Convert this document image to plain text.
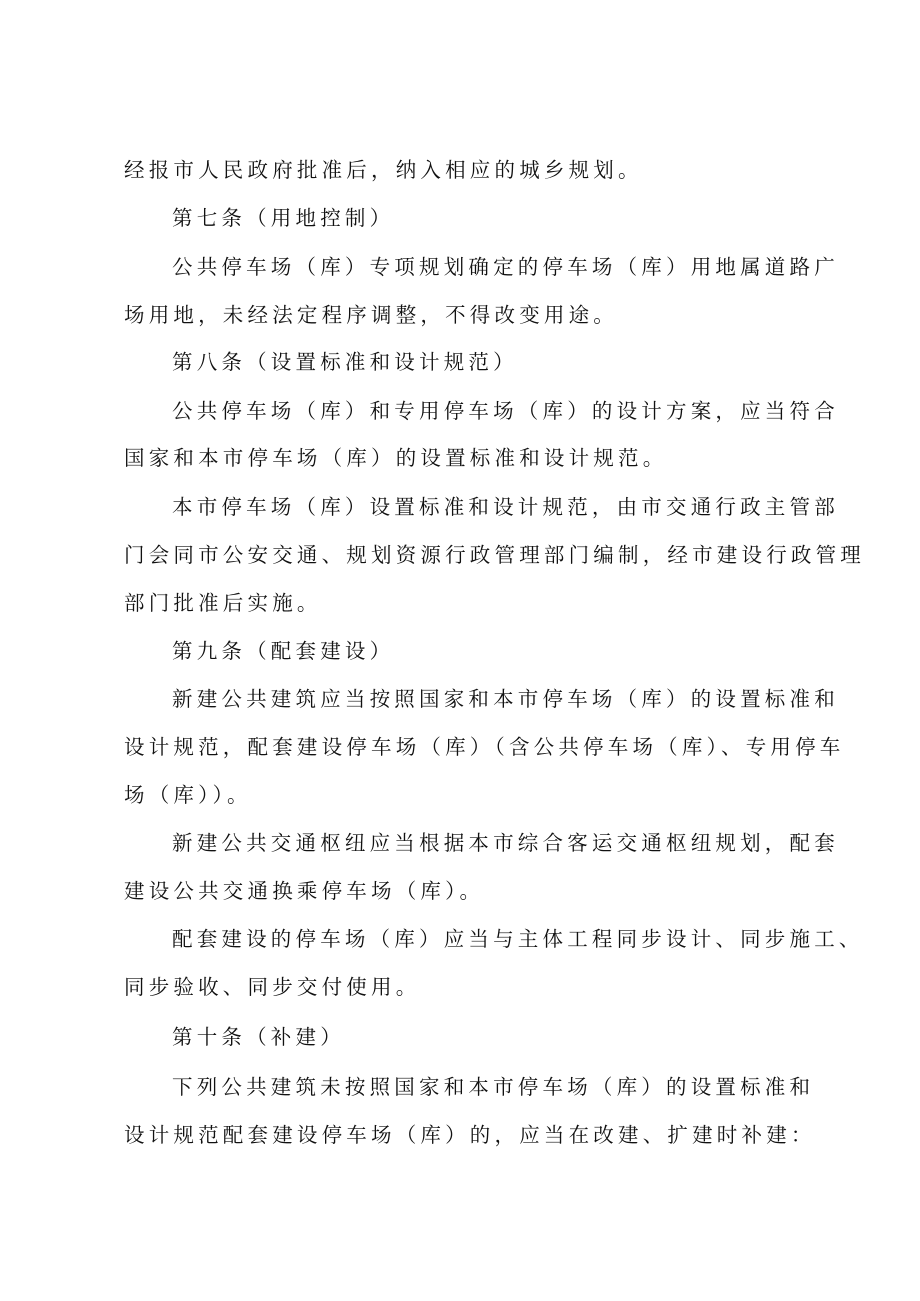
经报市人民政府批准后，纳入相应的城乡规划。
第七条（用地控制）
公共停车场（库）专项规划确定的停车场（库）用地属道路广
场用地，未经法定程序调整，不得改变用途。
第八条（设置标准和设计规范）
公共停车场（库）和专用停车场（库）的设计方案，应当符合
国家和本市停车场（库）的设置标准和设计规范。
本市停车场（库）设置标准和设计规范，由市交通行政主管部
门会同市公安交通、规划资源行政管理部门编制，经市建设行政管理
部门批准后实施。
第九条（配套建设）
新建公共建筑应当按照国家和本市停车场（库）的设置标准和
设计规范，配套建设停车场（库）（含公共停车场（库）、专用停车
场（库））。
新建公共交通枢纽应当根据本市综合客运交通枢纽规划，配套
建设公共交通换乘停车场（库）。
配套建设的停车场（库）应当与主体工程同步设计、同步施工、
同步验收、同步交付使用。
第十条（补建）
下列公共建筑未按照国家和本市停车场（库）的设置标准和
设计规范配套建设停车场（库）的，应当在改建、扩建时补建：
